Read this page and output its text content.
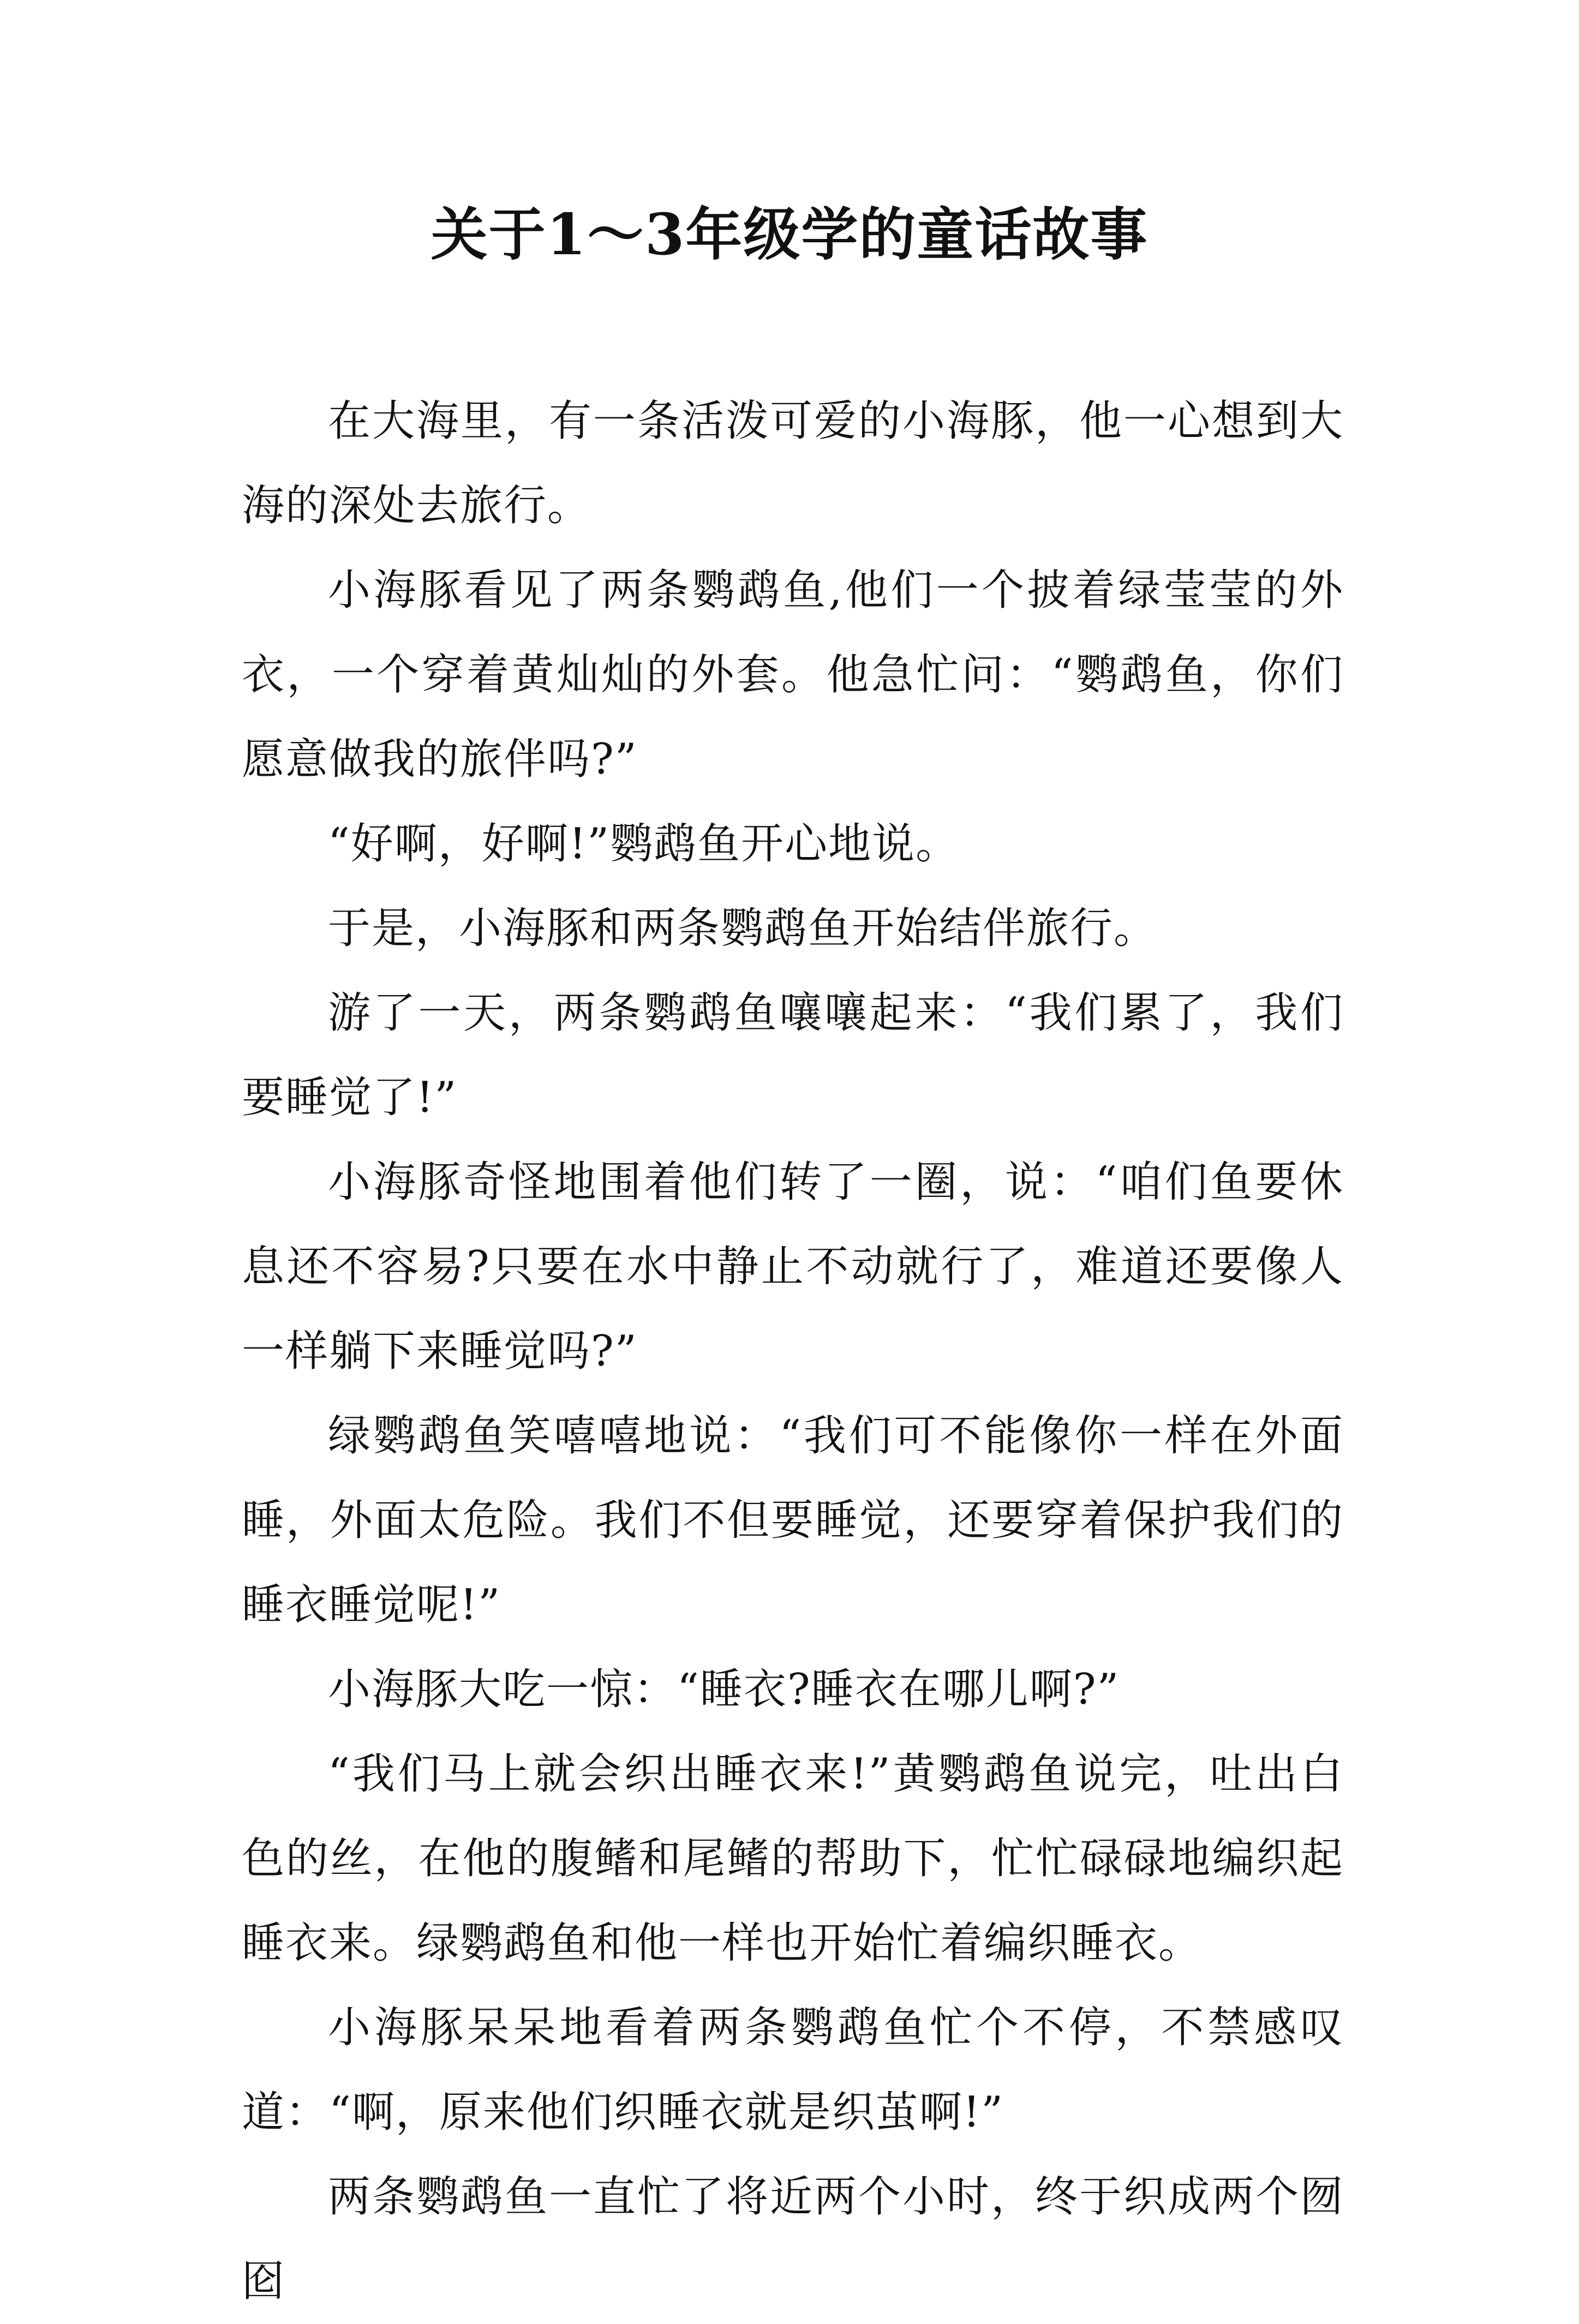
关于1～3年级学的童话故事

在大海里，有一条活泼可爱的小海豚，他一心想到大海的深处去旅行。

小海豚看见了两条鹦鹉鱼,他们一个披着绿莹莹的外衣，一个穿着黄灿灿的外套。他急忙问：“鹦鹉鱼，你们愿意做我的旅伴吗?”

“好啊，好啊!”鹦鹉鱼开心地说。

于是，小海豚和两条鹦鹉鱼开始结伴旅行。

游了一天，两条鹦鹉鱼嚷嚷起来：“我们累了，我们要睡觉了!”

小海豚奇怪地围着他们转了一圈，说：“咱们鱼要休息还不容易?只要在水中静止不动就行了，难道还要像人一样躺下来睡觉吗?”

绿鹦鹉鱼笑嘻嘻地说：“我们可不能像你一样在外面睡，外面太危险。我们不但要睡觉，还要穿着保护我们的睡衣睡觉呢!”

小海豚大吃一惊：“睡衣?睡衣在哪儿啊?”

“我们马上就会织出睡衣来!”黄鹦鹉鱼说完，吐出白色的丝，在他的腹鳍和尾鳍的帮助下，忙忙碌碌地编织起睡衣来。绿鹦鹉鱼和他一样也开始忙着编织睡衣。

小海豚呆呆地看着两条鹦鹉鱼忙个不停，不禁感叹道：“啊，原来他们织睡衣就是织茧啊!”

两条鹦鹉鱼一直忙了将近两个小时，终于织成两个囫囵
